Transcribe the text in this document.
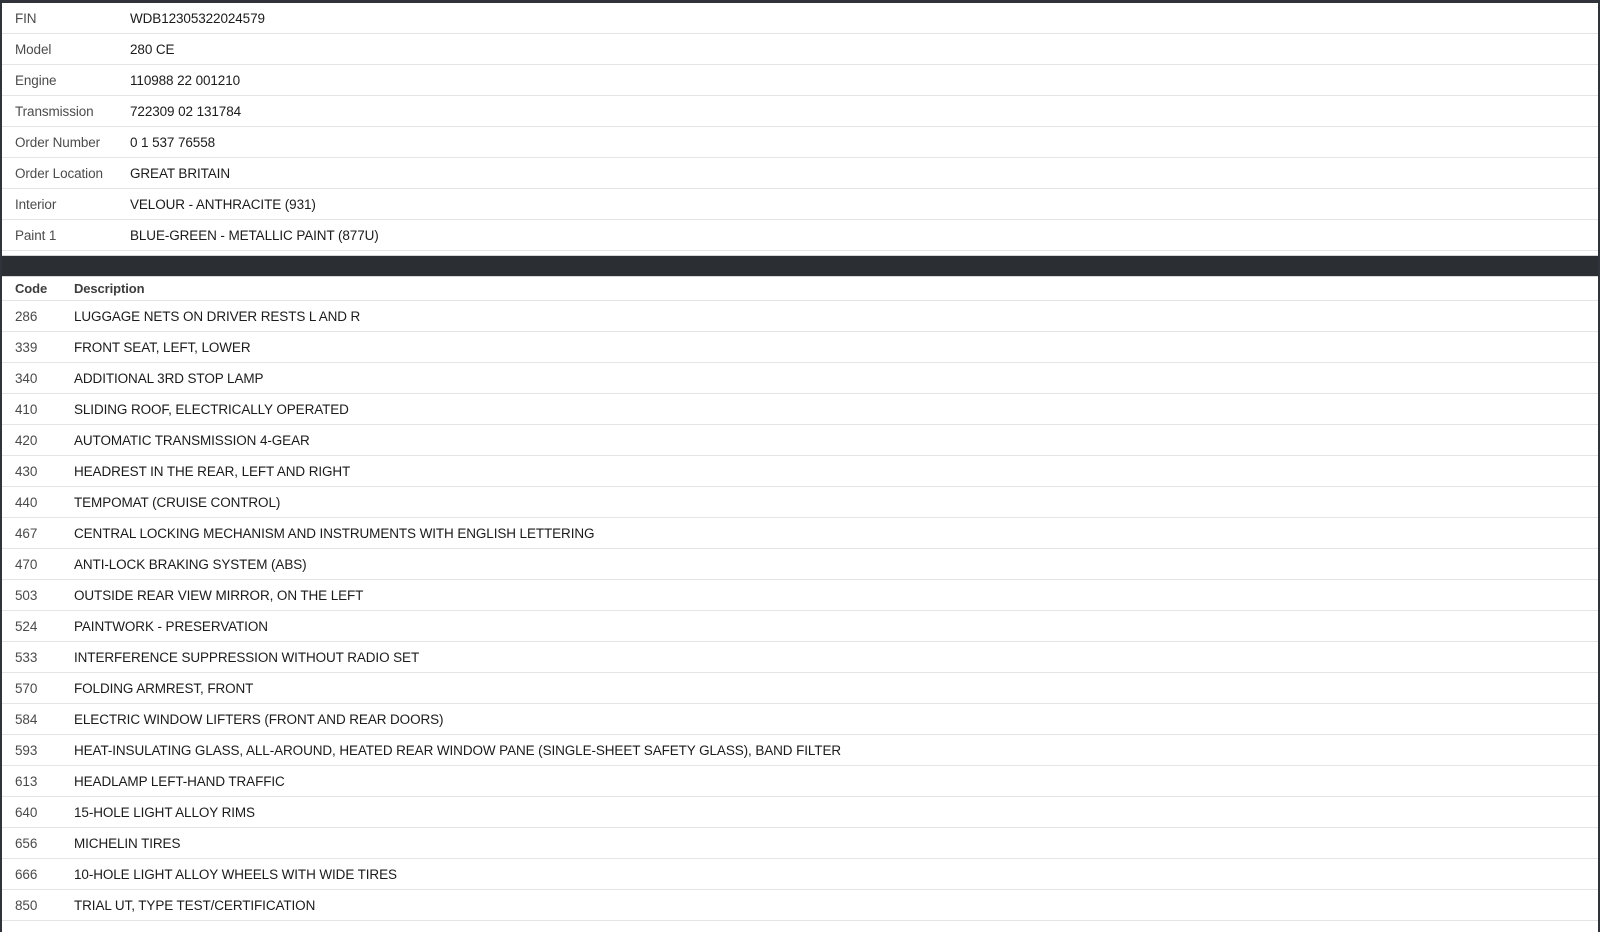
FIN	WDB12305322024579
Model	280 CE
Engine	110988 22 001210
Transmission	722309 02 131784
Order Number	0 1 537 76558
Order Location	GREAT BRITAIN
Interior	VELOUR - ANTHRACITE (931)
Paint 1	BLUE-GREEN - METALLIC PAINT (877U)
Code	Description
286	LUGGAGE NETS ON DRIVER RESTS L AND R
339	FRONT SEAT, LEFT, LOWER
340	ADDITIONAL 3RD STOP LAMP
410	SLIDING ROOF, ELECTRICALLY OPERATED
420	AUTOMATIC TRANSMISSION 4-GEAR
430	HEADREST IN THE REAR, LEFT AND RIGHT
440	TEMPOMAT (CRUISE CONTROL)
467	CENTRAL LOCKING MECHANISM AND INSTRUMENTS WITH ENGLISH LETTERING
470	ANTI-LOCK BRAKING SYSTEM (ABS)
503	OUTSIDE REAR VIEW MIRROR, ON THE LEFT
524	PAINTWORK - PRESERVATION
533	INTERFERENCE SUPPRESSION WITHOUT RADIO SET
570	FOLDING ARMREST, FRONT
584	ELECTRIC WINDOW LIFTERS (FRONT AND REAR DOORS)
593	HEAT-INSULATING GLASS, ALL-AROUND, HEATED REAR WINDOW PANE (SINGLE-SHEET SAFETY GLASS), BAND FILTER
613	HEADLAMP LEFT-HAND TRAFFIC
640	15-HOLE LIGHT ALLOY RIMS
656	MICHELIN TIRES
666	10-HOLE LIGHT ALLOY WHEELS WITH WIDE TIRES
850	TRIAL UT, TYPE TEST/CERTIFICATION
